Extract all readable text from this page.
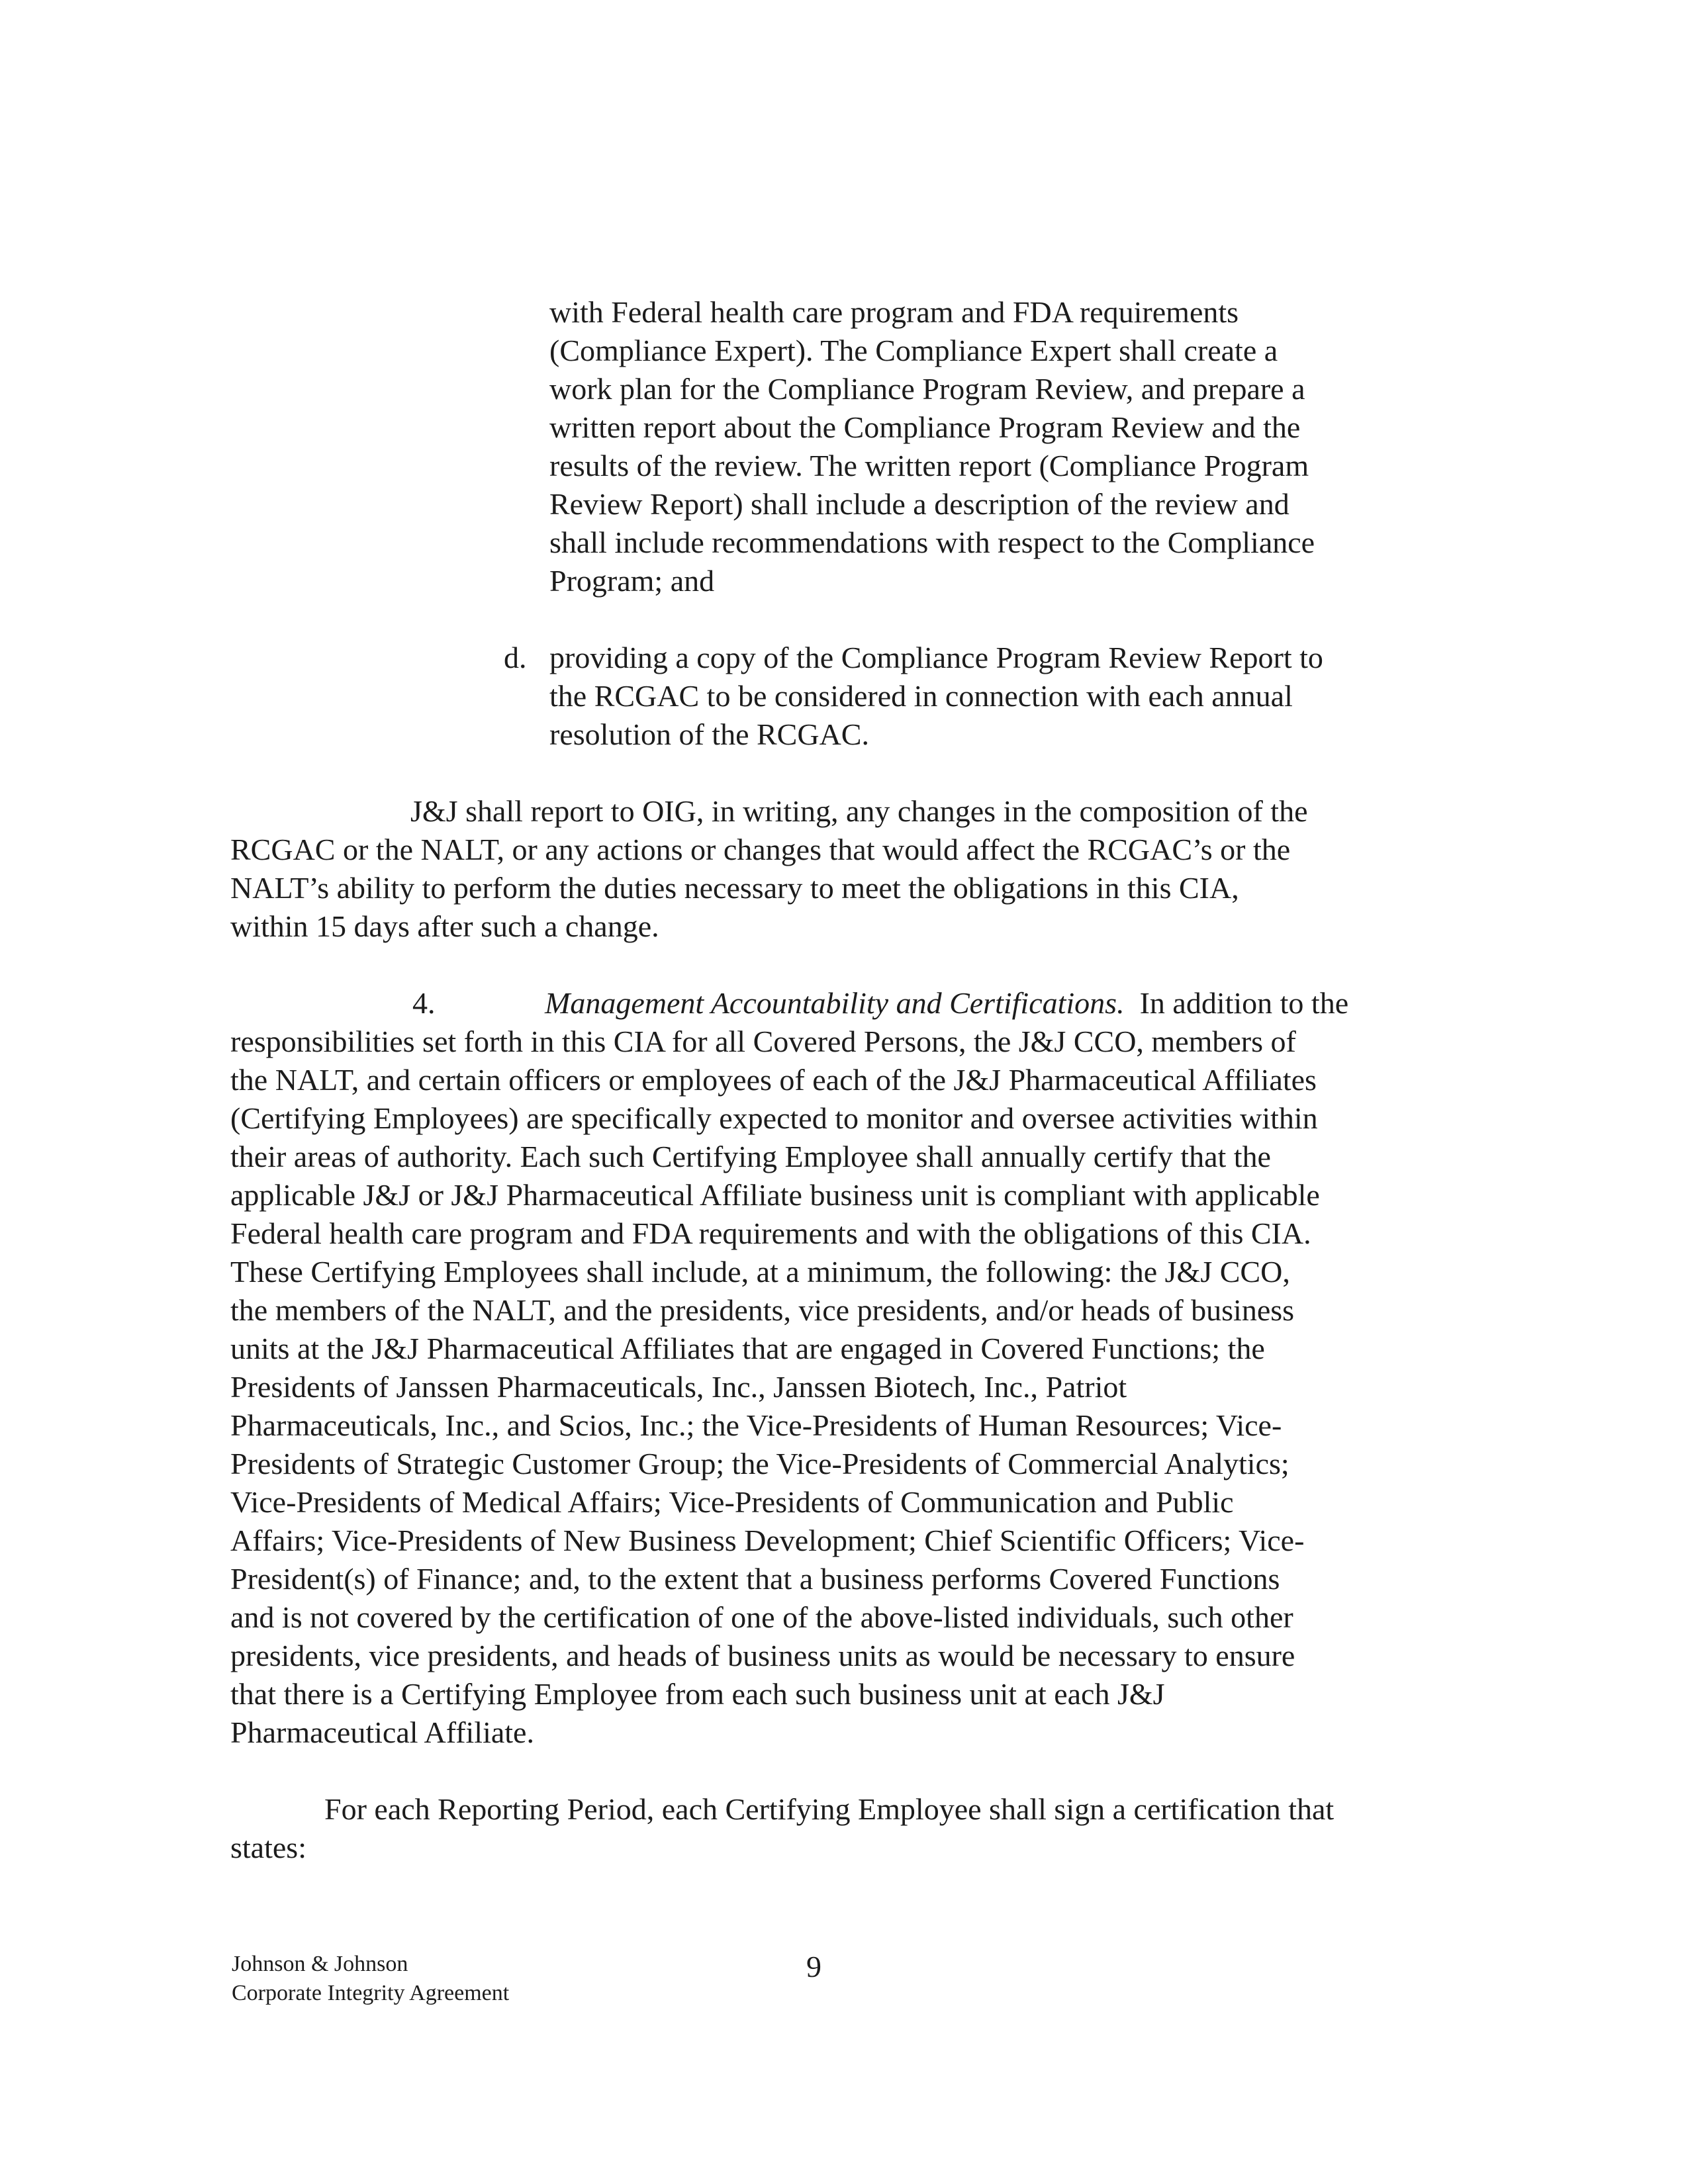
with Federal health care program and FDA requirements
(Compliance Expert). The Compliance Expert shall create a
work plan for the Compliance Program Review, and prepare a
written report about the Compliance Program Review and the
results of the review. The written report (Compliance Program
Review Report) shall include a description of the review and
shall include recommendations with respect to the Compliance
Program; and
d. providing a copy of the Compliance Program Review Report to
the RCGAC to be considered in connection with each annual
resolution of the RCGAC.
J&J shall report to OIG, in writing, any changes in the composition of the
RCGAC or the NALT, or any actions or changes that would affect the RCGAC’s or the
NALT’s ability to perform the duties necessary to meet the obligations in this CIA,
within 15 days after such a change.
4.	Management Accountability and Certifications. In addition to the
responsibilities set forth in this CIA for all Covered Persons, the J&J CCO, members of
the NALT, and certain officers or employees of each of the J&J Pharmaceutical Affiliates
(Certifying Employees) are specifically expected to monitor and oversee activities within
their areas of authority. Each such Certifying Employee shall annually certify that the
applicable J&J or J&J Pharmaceutical Affiliate business unit is compliant with applicable
Federal health care program and FDA requirements and with the obligations of this CIA.
These Certifying Employees shall include, at a minimum, the following: the J&J CCO,
the members of the NALT, and the presidents, vice presidents, and/or heads of business
units at the J&J Pharmaceutical Affiliates that are engaged in Covered Functions; the
Presidents of Janssen Pharmaceuticals, Inc., Janssen Biotech, Inc., Patriot
Pharmaceuticals, Inc., and Scios, Inc.; the Vice-Presidents of Human Resources; Vice-
Presidents of Strategic Customer Group; the Vice-Presidents of Commercial Analytics;
Vice-Presidents of Medical Affairs; Vice-Presidents of Communication and Public
Affairs; Vice-Presidents of New Business Development; Chief Scientific Officers; Vice-
President(s) of Finance; and, to the extent that a business performs Covered Functions
and is not covered by the certification of one of the above-listed individuals, such other
presidents, vice presidents, and heads of business units as would be necessary to ensure
that there is a Certifying Employee from each such business unit at each J&J
Pharmaceutical Affiliate.
For each Reporting Period, each Certifying Employee shall sign a certification that
states:
Johnson & Johnson
Corporate Integrity Agreement
9
